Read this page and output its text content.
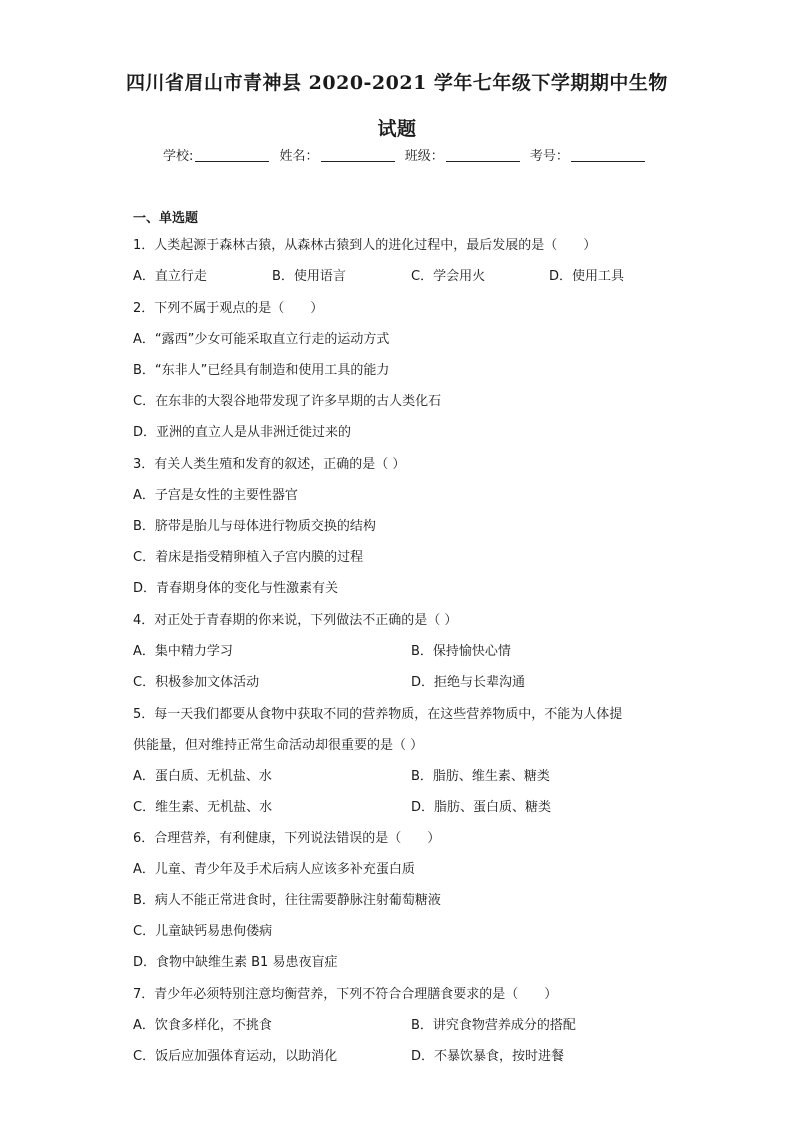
四川省眉山市青神县 2020-2021 学年七年级下学期期中生物
试题
学校:	姓名：	班级：	考号：
一、单选题
1．人类起源于森林古猿，从森林古猿到人的进化过程中，最后发展的是（　　）
A．直立行走	B．使用语言	C．学会用火	D．使用工具
2．下列不属于观点的是（　　）
A．“露西”少女可能采取直立行走的运动方式
B．“东非人”已经具有制造和使用工具的能力
C．在东非的大裂谷地带发现了许多早期的古人类化石
D．亚洲的直立人是从非洲迁徙过来的
3．有关人类生殖和发育的叙述，正确的是（ ）
A．子宫是女性的主要性器官
B．脐带是胎儿与母体进行物质交换的结构
C．着床是指受精卵植入子宫内膜的过程
D．青春期身体的变化与性激素有关
4．对正处于青春期的你来说，下列做法不正确的是（ ）
A．集中精力学习	B．保持愉快心情
C．积极参加文体活动	D．拒绝与长辈沟通
5．每一天我们都要从食物中获取不同的营养物质，在这些营养物质中，不能为人体提
供能量，但对维持正常生命活动却很重要的是（ ）
A．蛋白质、无机盐、水	B．脂肪、维生素、糖类
C．维生素、无机盐、水	D．脂肪、蛋白质、糖类
6．合理营养，有利健康，下列说法错误的是（　　）
A．儿童、青少年及手术后病人应该多补充蛋白质
B．病人不能正常进食时，往往需要静脉注射葡萄糖液
C．儿童缺钙易患佝偻病
D．食物中缺维生素 B1 易患夜盲症
7．青少年必须特别注意均衡营养，下列不符合合理膳食要求的是（　　）
A．饮食多样化，不挑食	B．讲究食物营养成分的搭配
C．饭后应加强体育运动，以助消化	D．不暴饮暴食，按时进餐
